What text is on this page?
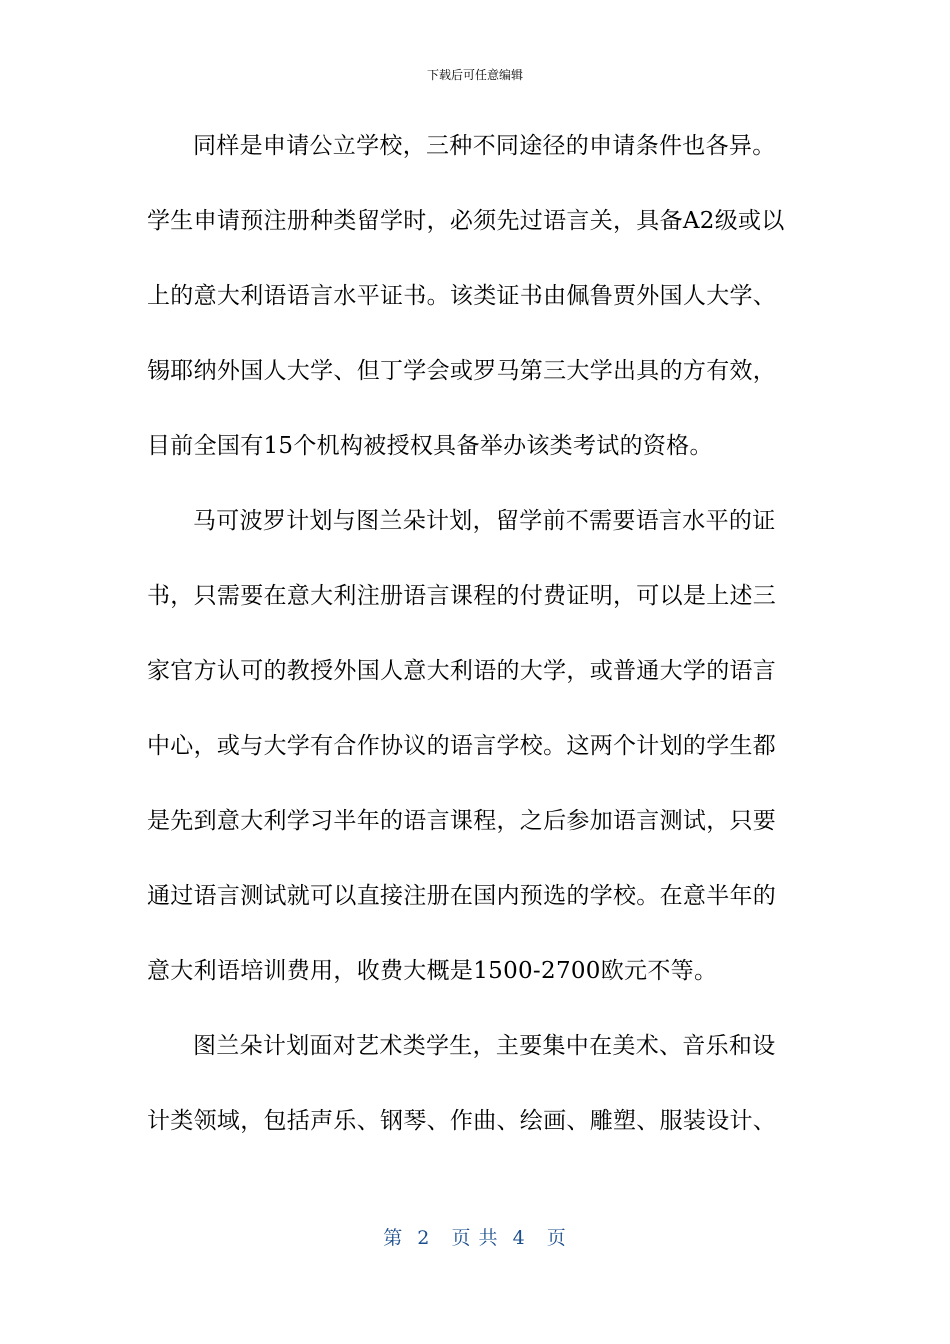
下载后可任意编辑
同样是申请公立学校，三种不同途径的申请条件也各异。
学生申请预注册种类留学时，必须先过语言关，具备A2级或以
上的意大利语语言水平证书。该类证书由佩鲁贾外国人大学、
锡耶纳外国人大学、但丁学会或罗马第三大学出具的方有效，
目前全国有15个机构被授权具备举办该类考试的资格。
马可波罗计划与图兰朵计划，留学前不需要语言水平的证
书，只需要在意大利注册语言课程的付费证明，可以是上述三
家官方认可的教授外国人意大利语的大学，或普通大学的语言
中心，或与大学有合作协议的语言学校。这两个计划的学生都
是先到意大利学习半年的语言课程，之后参加语言测试，只要
通过语言测试就可以直接注册在国内预选的学校。在意半年的
意大利语培训费用，收费大概是1500-2700欧元不等。
图兰朵计划面对艺术类学生，主要集中在美术、音乐和设
计类领域，包括声乐、钢琴、作曲、绘画、雕塑、服装设计、
第  2   页 共  4   页
